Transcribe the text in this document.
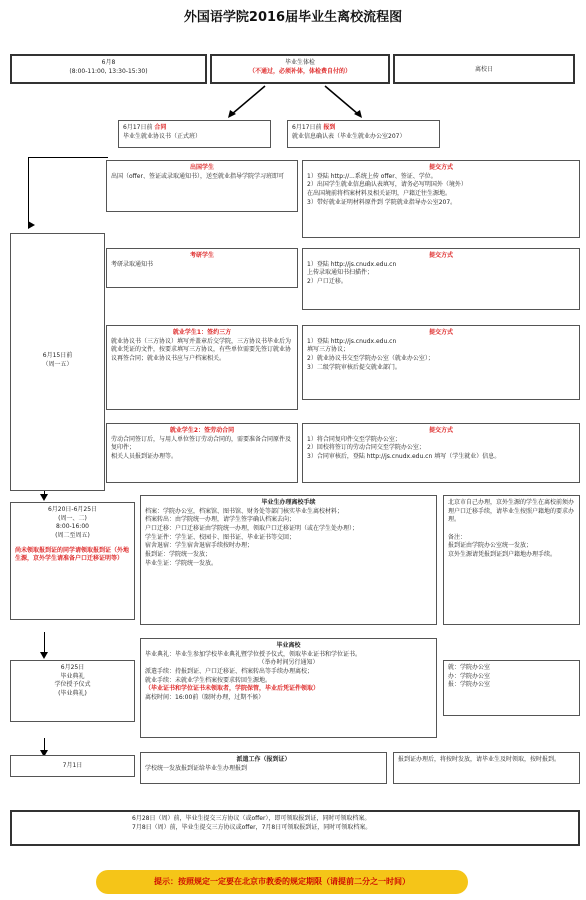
外国语学院2016届毕业生离校流程图
6月8
(8:00-11:00, 13:30-15:30)
毕业生体检
（不通过，必须补体，体检费自付的）	离校日
6月17日前 合同
毕业生就业协议书（正式班）
6月17日前 报到
就业信息确认表（毕业生就业办公室207）
6月15日前
（周一五）
出国学生
出国（offer、签证或录取通知书），送至就业指导学院学习班即可
提交方式
1）登陆 http://...系统上传 offer、签证、学位。
2）出国学生就业信息确认表填写，请务必写明国外（境外）
在出国境前将档案材料及相关证明，户籍迁往生源地。
3）带好就业证明材料原件到 学院就业指导办公室207。
考研学生
考研录取通知书
提交方式
1）登陆 http://js.cnudx.edu.cn
上传录取通知书扫描件；
2）户口迁移。
就业学生1：签约三方
就业协议书（三方协议）填写并盖章后交学院，三方协议书毕业后为就业凭证的文件，按要求填写三方协议，有些单位需要先签订就业协议再签合同；就业协议书应与户档案相关。
提交方式
1）登陆 http://js.cnudx.edu.cn
填写三方协议；
2）就业协议书交至学院办公室（就业办公室）；
3）二级学院审核后提交就业部门。
就业学生2：签劳动合同
劳动合同签订后，与用人单位签订劳动合同的，需要准备合同原件及复印件；
相关人员报到证办理等。
提交方式
1）将合同复印件交至学院办公室；
2）回校将签订的劳动合同交至学院办公室；
3）合同审核后，登陆 http://js.cnudx.edu.cn 填写（学生就业）信息。
6月20日-6月25日
(周一、二)
8:00-16:00
(周二至周五)
尚未领取报到证的同学请领取报到证（外地生源，京外学生请准备户口迁移证明等）
毕业生办理离校手续
档案：学院办公室，档案馆、图书馆、财务处等部门核实毕业生离校材料；
档案转出：由学院统一办理，请学生签字确认档案去向；
户口迁移：户口迁移证由学院统一办理，领取户口迁移证明（或在学生处办理）；
学生证件：学生证、校园卡、图书证、毕业证书等交回；
宿舍退宿：学生宿舍退宿手续按时办理；
报到证：学院统一发放；
毕业生证：学院统一发放。
北京市自己办理，京外生源的学生在离校前须办理户口迁移手续，请毕业生按照户籍地的要求办理。

备注：
报到证由学院办公室统一发放；
京外生源请凭报到证到户籍地办理手续。
6月25日
毕业典礼
学位授予仪式
(毕业典礼)
毕业离校
毕业典礼：毕业生参加学校毕业典礼暨学位授予仪式，领取毕业证书和学位证书。
（举办时间另行通知）
派遣手续：持报到证、户口迁移证、档案转出等手续办理离校；
就业手续：未就业学生档案按要求转回生源地。
（毕业证书和学位证书未领取者，学院保管，毕业后凭证件领取）
离校时间：16:00前（限时办理，过期不候）
就：学院办公室
办：学院办公室
报：学院办公室
7月1日
派遣工作（报到证）
学校统一发放报到证给毕业生办理报到
报到证办理后，将按时发放，请毕业生及时领取，按时报到。
6月28日（周）前，毕业生提交三方协议（或offer），即可领取报到证，同时可领取档案。
7月8日（周）前，毕业生提交三方协议或offer，7月8日可领取报到证，同时可领取档案。
提示：按照规定一定要在北京市教委的规定期限（请提前二分之一时间）
